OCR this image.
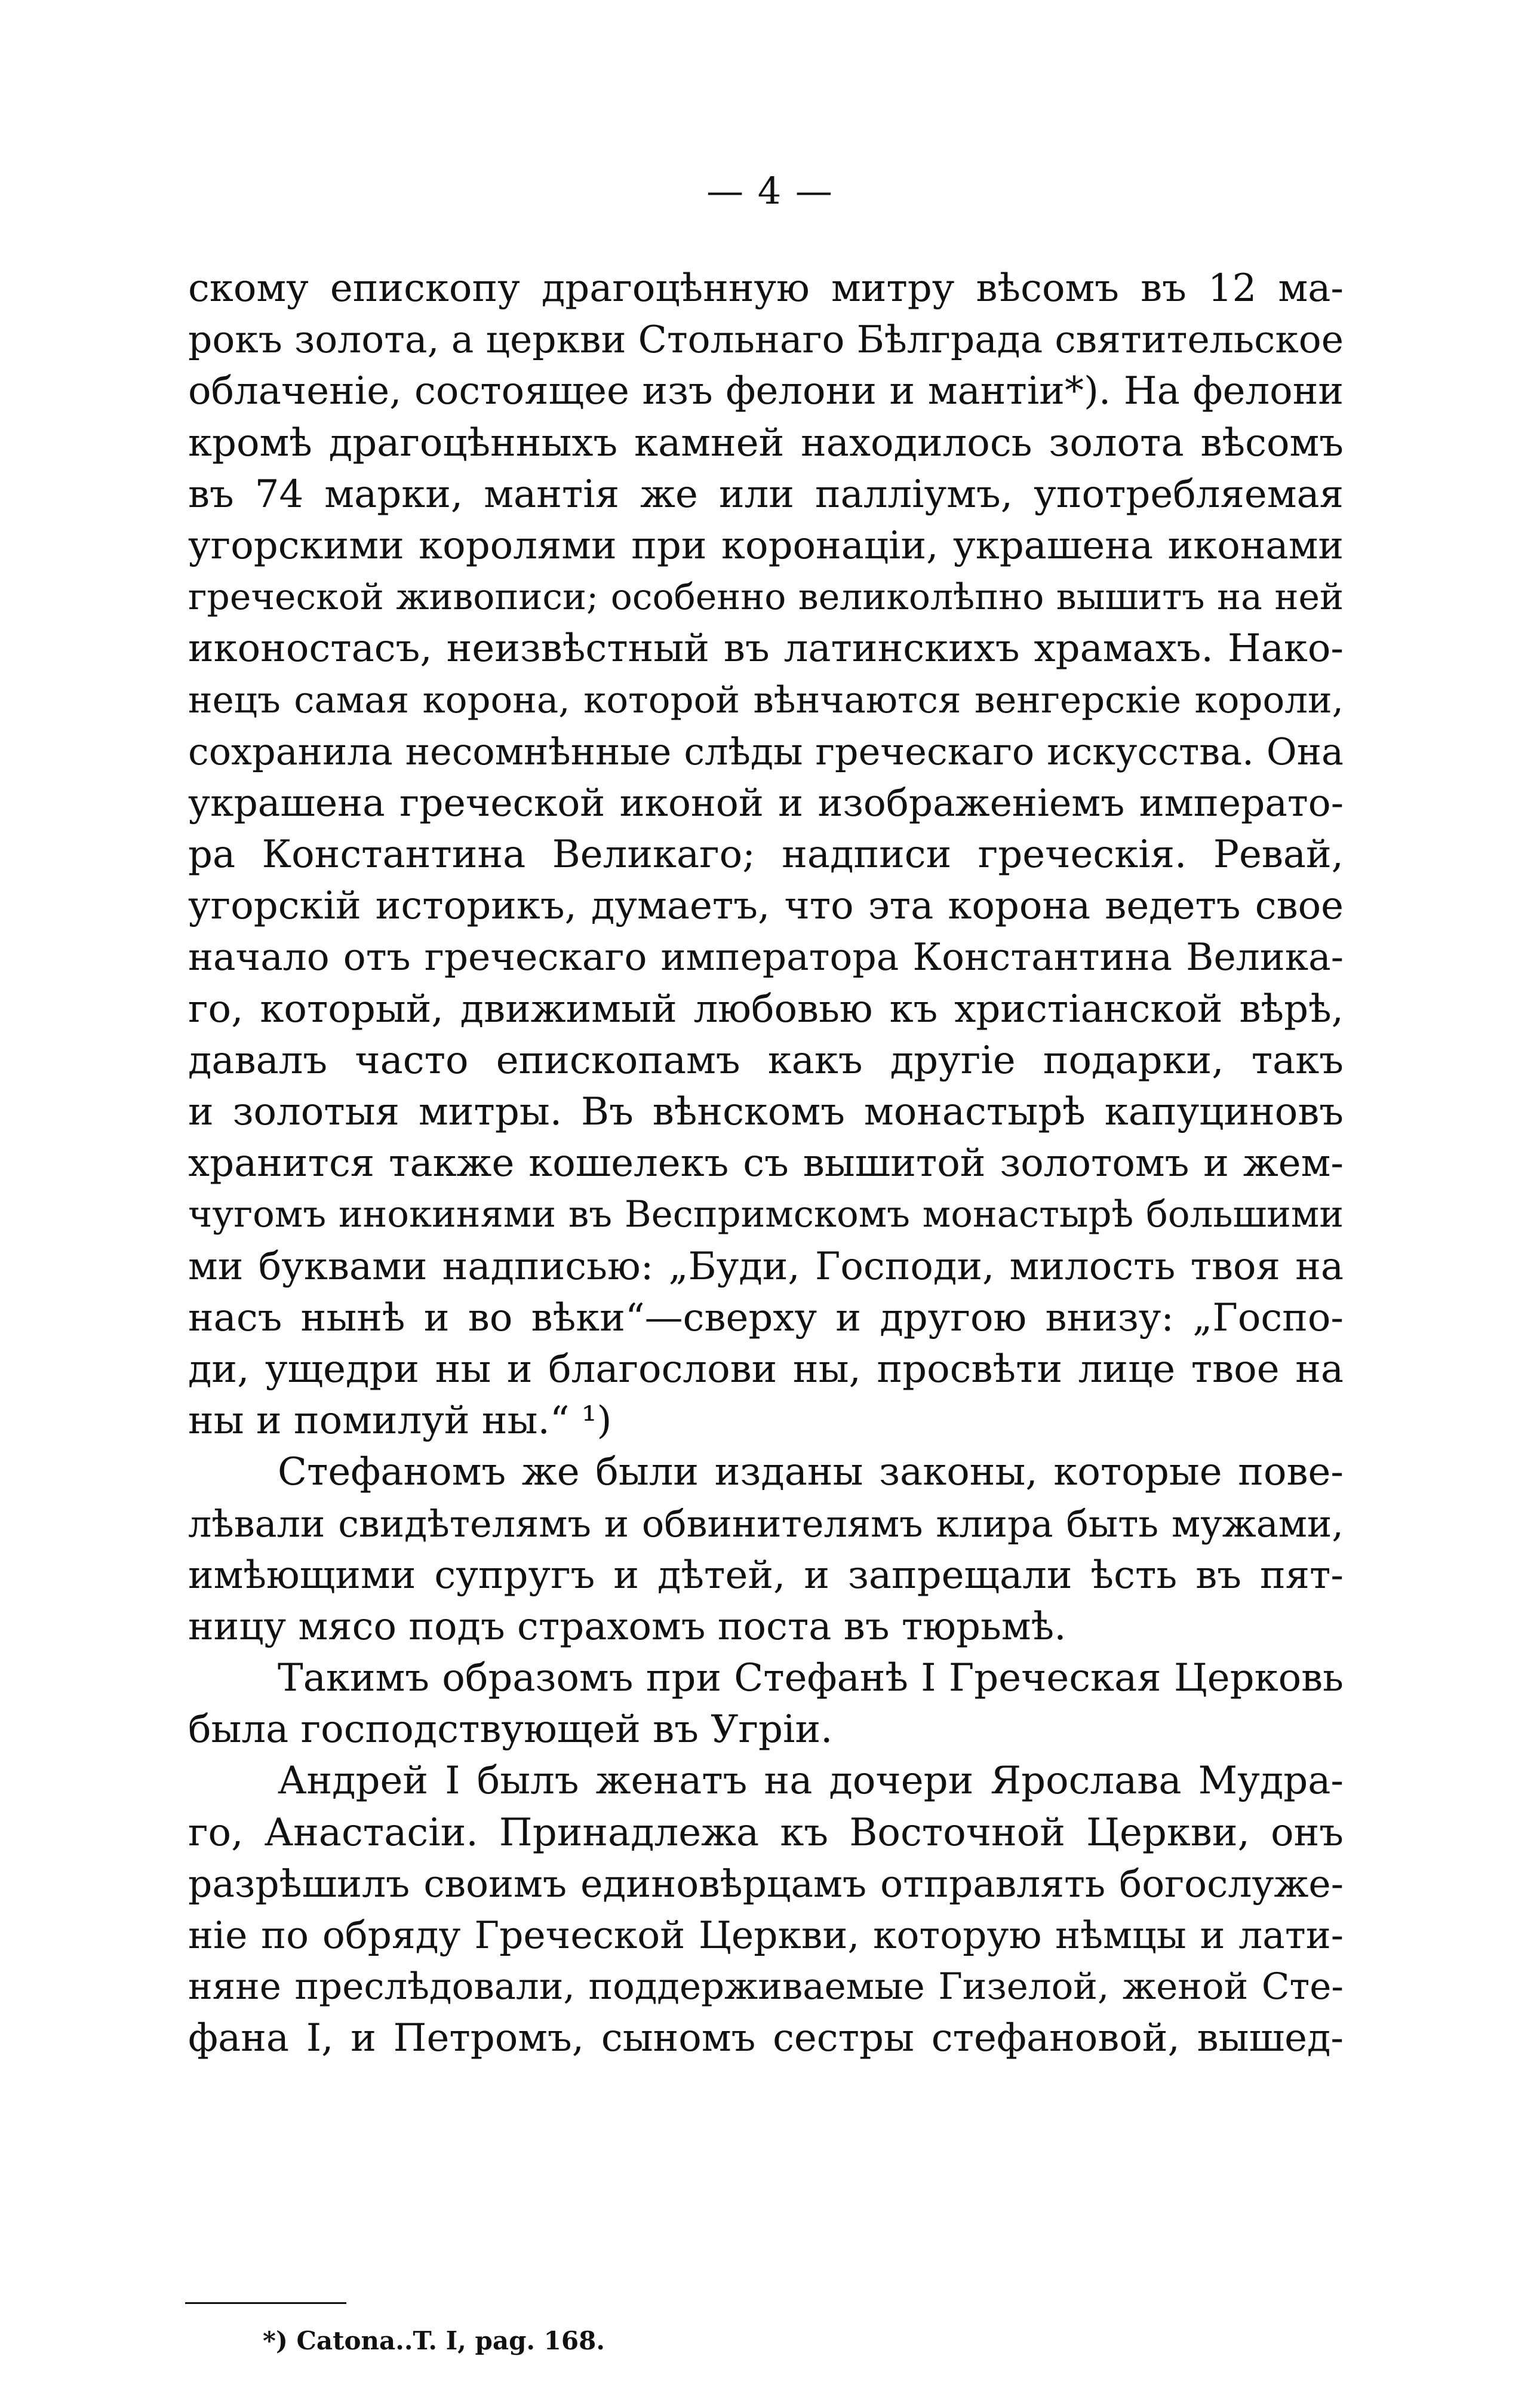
— 4 —
скому епископу драгоцѣнную митру вѣсомъ въ 12 ма-
рокъ золота, а церкви Стольнаго Бѣлграда святительское
облаченіе, состоящее изъ фелони и мантіи*). На фелони
кромѣ драгоцѣнныхъ камней находилось золота вѣсомъ
въ 74 марки, мантія же или палліумъ, употребляемая
угорскими королями при коронаціи, украшена иконами
греческой живописи; особенно великолѣпно вышитъ на ней
иконостасъ, неизвѣстный въ латинскихъ храмахъ. Нако-
нецъ самая корона, которой вѣнчаются венгерскіе короли,
сохранила несомнѣнные слѣды греческаго искусства. Она
украшена греческой иконой и изображеніемъ императо-
ра Константина Великаго; надписи греческія. Ревай,
угорскій историкъ, думаетъ, что эта корона ведетъ свое
начало отъ греческаго императора Константина Велика-
го, который, движимый любовью къ христіанской вѣрѣ,
давалъ часто епископамъ какъ другіе подарки, такъ
и золотыя митры. Въ вѣнскомъ монастырѣ капуциновъ
хранится также кошелекъ съ вышитой золотомъ и жем-
чугомъ инокинями въ Веспримскомъ монастырѣ большими
ми буквами надписью: „Буди, Господи, милость твоя на
насъ нынѣ и во вѣки“—сверху и другою внизу: „Госпо-
ди, ущедри ны и благослови ны, просвѣти лице твое на
ны и помилуй ны.“ ¹)
Стефаномъ же были изданы законы, которые пове-
лѣвали свидѣтелямъ и обвинителямъ клира быть мужами,
имѣющими супругъ и дѣтей, и запрещали ѣсть въ пят-
ницу мясо подъ страхомъ поста въ тюрьмѣ.
Такимъ образомъ при Стефанѣ I Греческая Церковь
была господствующей въ Угріи.
Андрей I былъ женатъ на дочери Ярослава Мудра-
го, Анастасіи. Принадлежа къ Восточной Церкви, онъ
разрѣшилъ своимъ единовѣрцамъ отправлять богослуже-
ніе по обряду Греческой Церкви, которую нѣмцы и лати-
няне преслѣдовали, поддерживаемые Гизелой, женой Сте-
фана I, и Петромъ, сыномъ сестры стефановой, вышед-
*) Catona..T. I, pag. 168.
